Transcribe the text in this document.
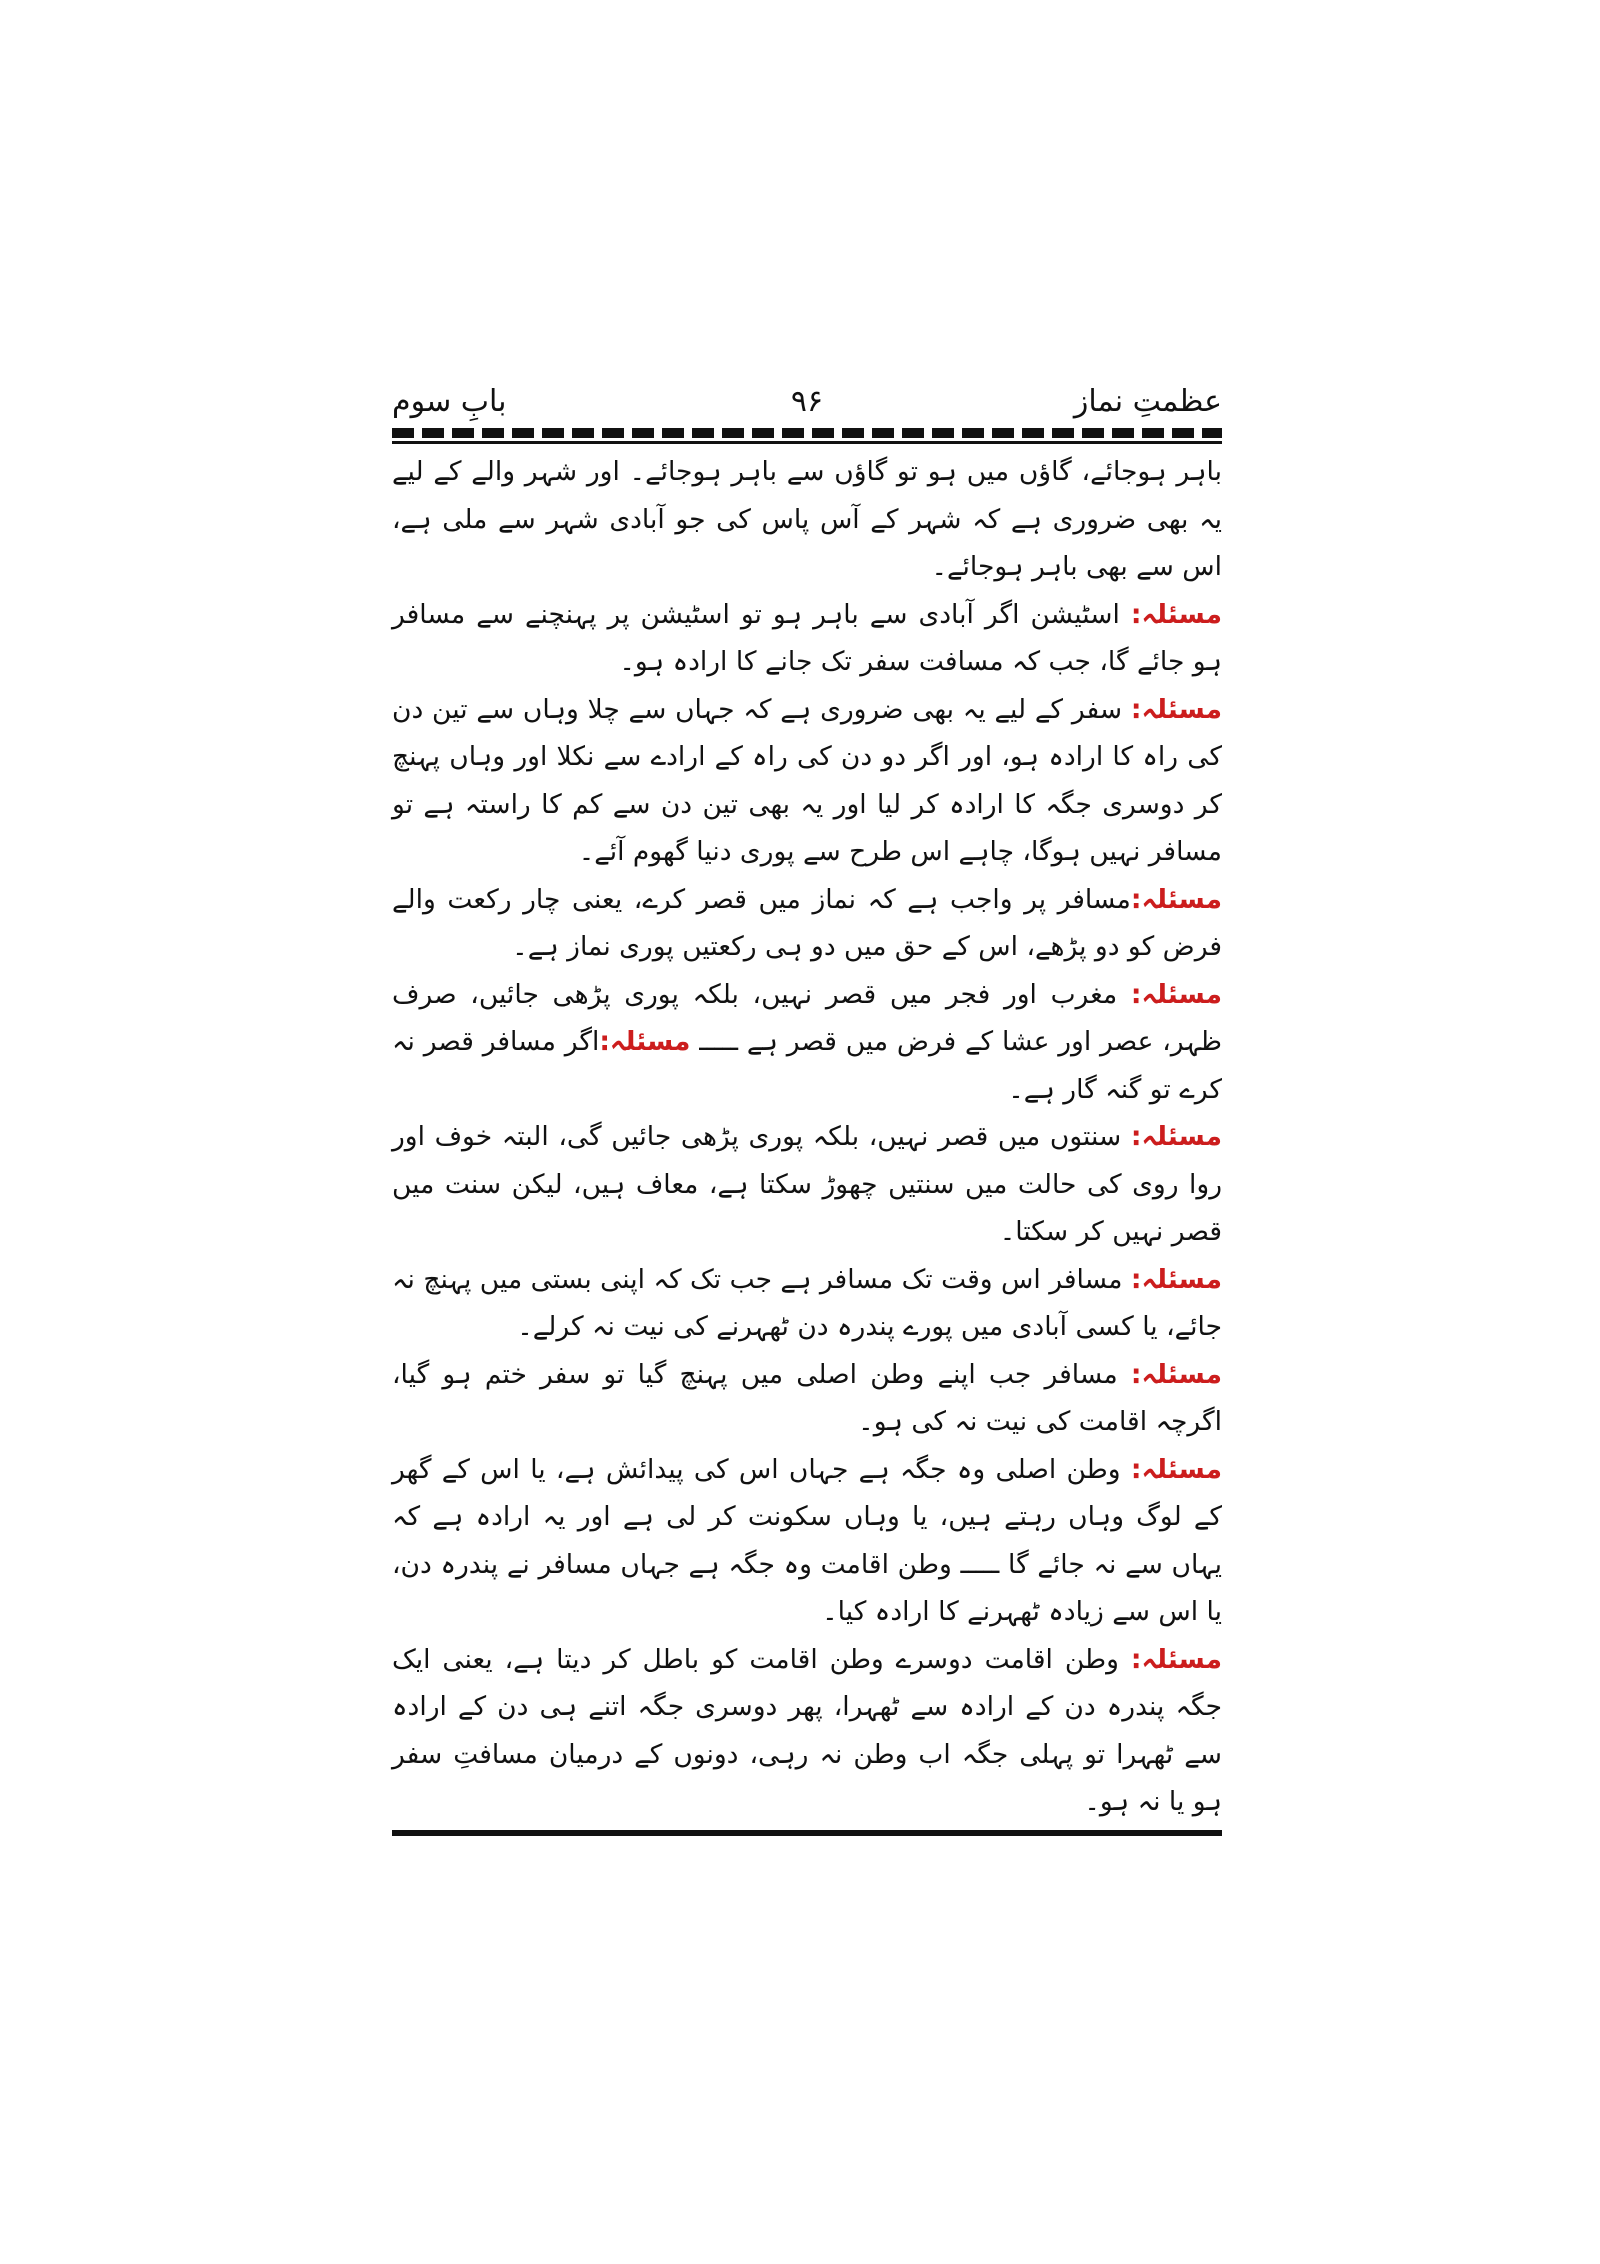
عظمتِ نماز
۹۶
بابِ سوم

باہر ہوجائے، گاؤں میں ہو تو گاؤں سے باہر ہوجائے۔ اور شہر والے کے لیے یہ بھی ضروری ہے کہ شہر کے آس پاس کی جو آبادی شہر سے ملی ہے، اس سے بھی باہر ہوجائے۔

مسئلہ: اسٹیشن اگر آبادی سے باہر ہو تو اسٹیشن پر پہنچنے سے مسافر ہو جائے گا، جب کہ مسافت سفر تک جانے کا ارادہ ہو۔

مسئلہ: سفر کے لیے یہ بھی ضروری ہے کہ جہاں سے چلا وہاں سے تین دن کی راہ کا ارادہ ہو، اور اگر دو دن کی راہ کے ارادے سے نکلا اور وہاں پہنچ کر دوسری جگہ کا ارادہ کر لیا اور یہ بھی تین دن سے کم کا راستہ ہے تو مسافر نہیں ہوگا، چاہے اس طرح سے پوری دنیا گھوم آئے۔

مسئلہ:مسافر پر واجب ہے کہ نماز میں قصر کرے، یعنی چار رکعت والے فرض کو دو پڑھے، اس کے حق میں دو ہی رکعتیں پوری نماز ہے۔

مسئلہ: مغرب اور فجر میں قصر نہیں، بلکہ پوری پڑھی جائیں، صرف ظہر، عصر اور عشا کے فرض میں قصر ہے ـــــ مسئلہ:اگر مسافر قصر نہ کرے تو گنہ گار ہے۔

مسئلہ: سنتوں میں قصر نہیں، بلکہ پوری پڑھی جائیں گی، البتہ خوف اور روا روی کی حالت میں سنتیں چھوڑ سکتا ہے، معاف ہیں، لیکن سنت میں قصر نہیں کر سکتا۔

مسئلہ: مسافر اس وقت تک مسافر ہے جب تک کہ اپنی بستی میں پہنچ نہ جائے، یا کسی آبادی میں پورے پندرہ دن ٹھہرنے کی نیت نہ کرلے۔

مسئلہ: مسافر جب اپنے وطن اصلی میں پہنچ گیا تو سفر ختم ہو گیا، اگرچہ اقامت کی نیت نہ کی ہو۔

مسئلہ: وطن اصلی وہ جگہ ہے جہاں اس کی پیدائش ہے، یا اس کے گھر کے لوگ وہاں رہتے ہیں، یا وہاں سکونت کر لی ہے اور یہ ارادہ ہے کہ یہاں سے نہ جائے گا ـــــ وطن اقامت وہ جگہ ہے جہاں مسافر نے پندرہ دن، یا اس سے زیادہ ٹھہرنے کا ارادہ کیا۔

مسئلہ: وطن اقامت دوسرے وطن اقامت کو باطل کر دیتا ہے، یعنی ایک جگہ پندرہ دن کے ارادہ سے ٹھہرا، پھر دوسری جگہ اتنے ہی دن کے ارادہ سے ٹھہرا تو پہلی جگہ اب وطن نہ رہی، دونوں کے درمیان مسافتِ سفر ہو یا نہ ہو۔
